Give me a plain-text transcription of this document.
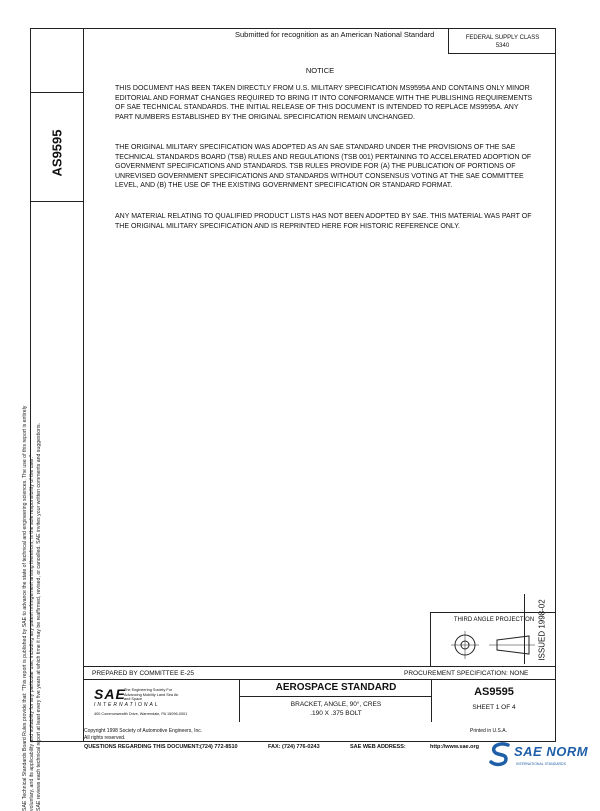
AS9595
SAE Technical Standards Board Rules provide that: "This report is published by SAE to advance the state of technical and engineering sciences. The use of this report is entirely voluntary, and its applicability and suitability for any particular use, including any patent infringement arising therefrom, is the sole responsibility of the user." SAE reviews each technical report at least every five years at which time it may be reaffirmed, revised, or cancelled. SAE invites your written comments and suggestions.
Submitted for recognition as an American National Standard	FEDERAL SUPPLY CLASS
5340
NOTICE
THIS DOCUMENT HAS BEEN TAKEN DIRECTLY FROM U.S. MILITARY SPECIFICATION MS9595A AND CONTAINS ONLY MINOR EDITORIAL AND FORMAT CHANGES REQUIRED TO BRING IT INTO CONFORMANCE WITH THE PUBLISHING REQUIREMENTS OF SAE TECHNICAL STANDARDS. THE INITIAL RELEASE OF THIS DOCUMENT IS INTENDED TO REPLACE MS9595A. ANY PART NUMBERS ESTABLISHED BY THE ORIGINAL SPECIFICATION REMAIN UNCHANGED.
THE ORIGINAL MILITARY SPECIFICATION WAS ADOPTED AS AN SAE STANDARD UNDER THE PROVISIONS OF THE SAE TECHNICAL STANDARDS BOARD (TSB) RULES AND REGULATIONS (TSB 001) PERTAINING TO ACCELERATED ADOPTION OF GOVERNMENT SPECIFICATIONS AND STANDARDS. TSB RULES PROVIDE FOR (A) THE PUBLICATION OF PORTIONS OF UNREVISED GOVERNMENT SPECIFICATIONS AND STANDARDS WITHOUT CONSENSUS VOTING AT THE SAE COMMITTEE LEVEL, AND (B) THE USE OF THE EXISTING GOVERNMENT SPECIFICATION OR STANDARD FORMAT.
ANY MATERIAL RELATING TO QUALIFIED PRODUCT LISTS HAS NOT BEEN ADOPTED BY SAE. THIS MATERIAL WAS PART OF THE ORIGINAL MILITARY SPECIFICATION AND IS REPRINTED HERE FOR HISTORIC REFERENCE ONLY.
ISSUED 1998-02
THIRD ANGLE PROJECTION
PREPARED BY COMMITTEE E-25	PROCUREMENT SPECIFICATION: NONE
SAE
The Engineering Society For Advancing Mobility Land Sea Air and Space
INTERNATIONAL
400 Commonwealth Drive, Warrendale, PA 15096-0001
AEROSPACE STANDARD
BRACKET, ANGLE, 90°, CRES
.190 X .375 BOLT
AS9595
SHEET 1 OF 4
Copyright 1998 Society of Automotive Engineers, Inc.
All rights reserved.
Printed in U.S.A.
QUESTIONS REGARDING THIS DOCUMENT: (724) 772-8510	FAX: (724) 776-0243	SAE WEB ADDRESS:	http://www.sae.org	SAE NORM
INTERNATIONAL STANDARDS
